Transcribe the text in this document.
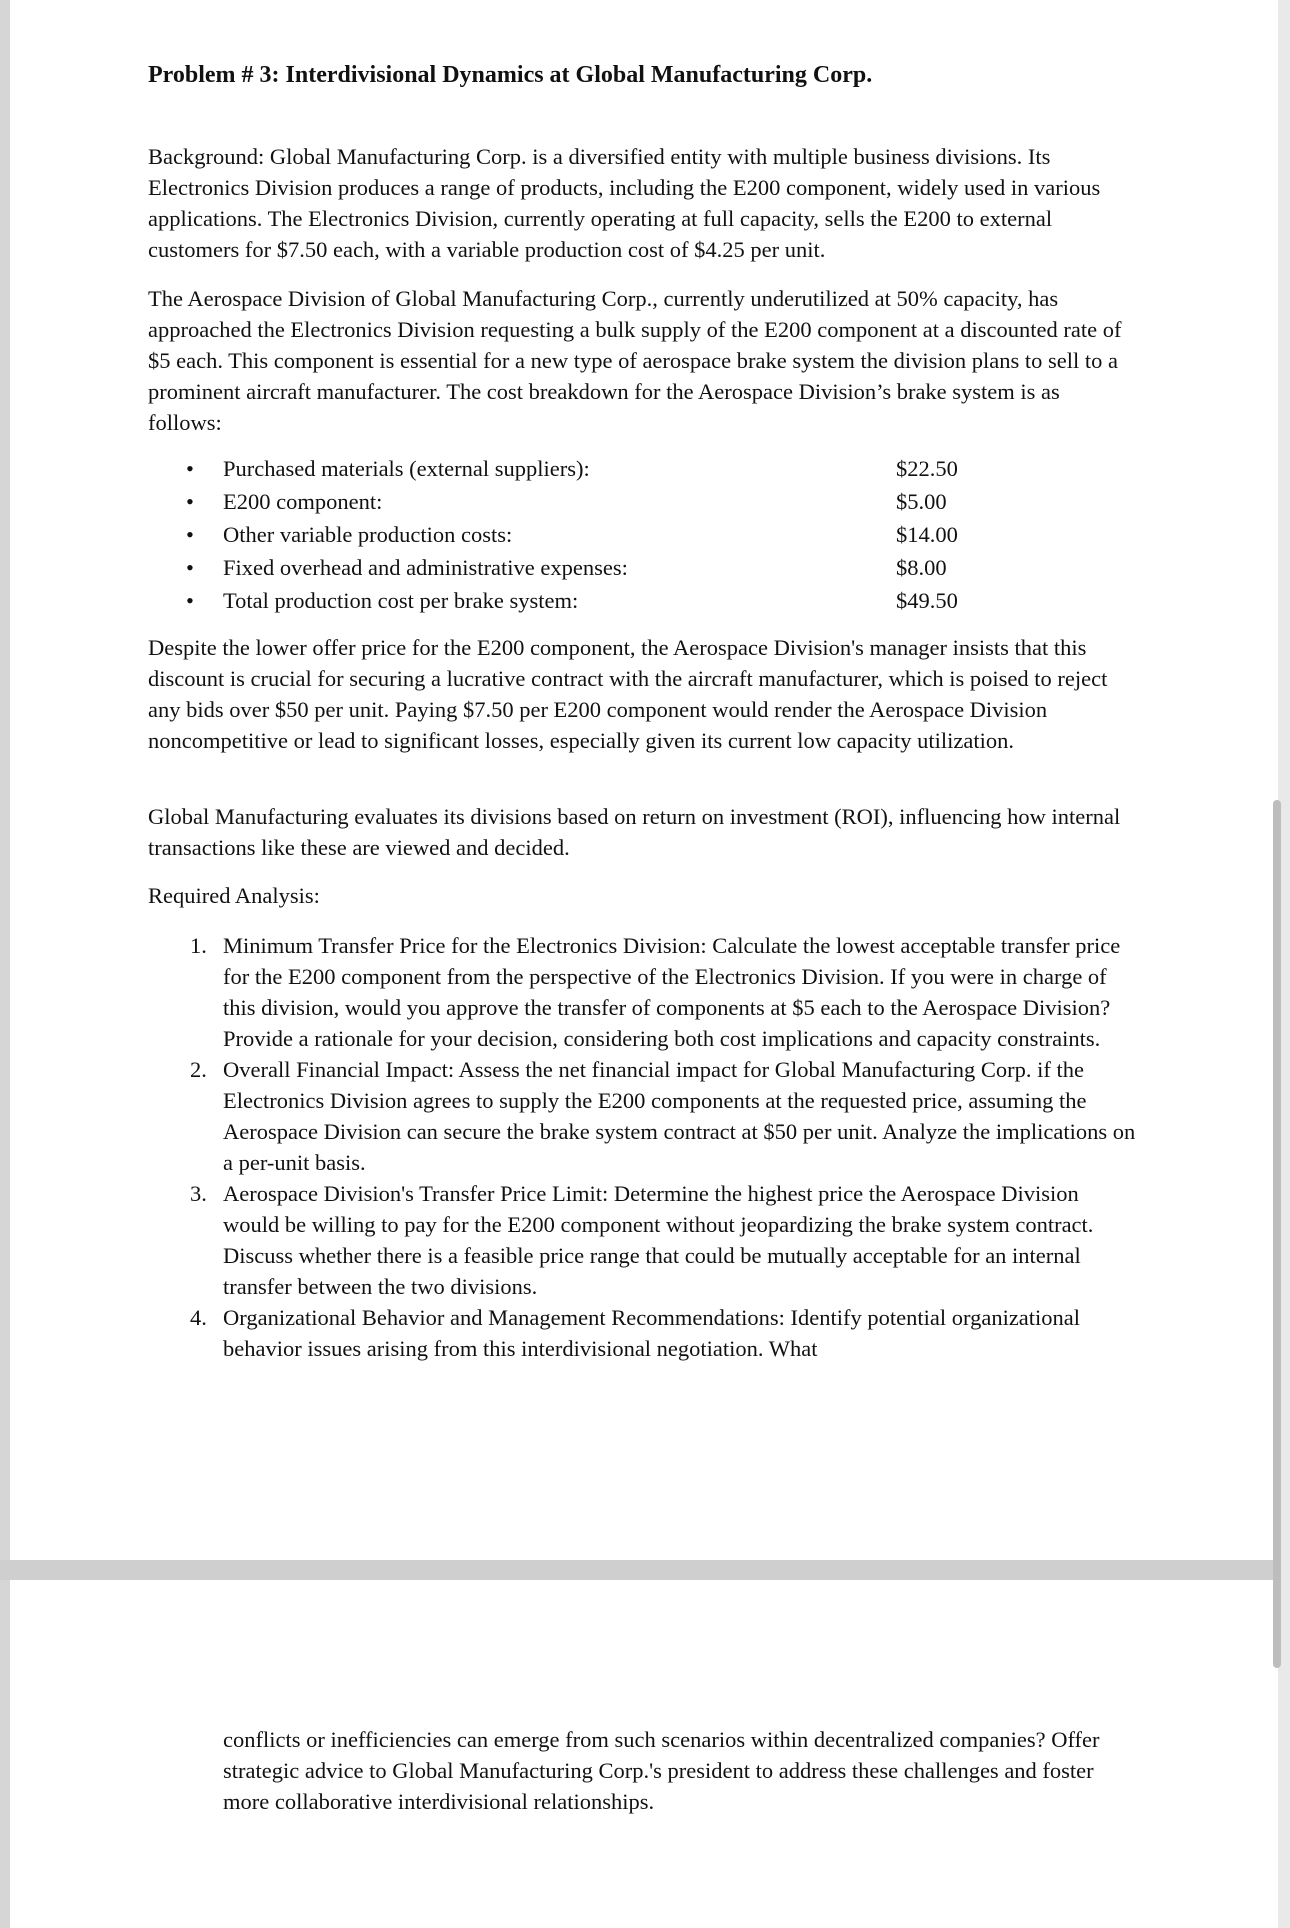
Problem # 3: Interdivisional Dynamics at Global Manufacturing Corp.

Background: Global Manufacturing Corp. is a diversified entity with multiple business divisions. Its Electronics Division produces a range of products, including the E200 component, widely used in various applications. The Electronics Division, currently operating at full capacity, sells the E200 to external customers for $7.50 each, with a variable production cost of $4.25 per unit.

The Aerospace Division of Global Manufacturing Corp., currently underutilized at 50% capacity, has approached the Electronics Division requesting a bulk supply of the E200 component at a discounted rate of $5 each. This component is essential for a new type of aerospace brake system the division plans to sell to a prominent aircraft manufacturer. The cost breakdown for the Aerospace Division’s brake system is as follows:

• Purchased materials (external suppliers):	$22.50
• E200 component:	$5.00
• Other variable production costs:	$14.00
• Fixed overhead and administrative expenses:	$8.00
• Total production cost per brake system:	$49.50

Despite the lower offer price for the E200 component, the Aerospace Division's manager insists that this discount is crucial for securing a lucrative contract with the aircraft manufacturer, which is poised to reject any bids over $50 per unit. Paying $7.50 per E200 component would render the Aerospace Division noncompetitive or lead to significant losses, especially given its current low capacity utilization.

Global Manufacturing evaluates its divisions based on return on investment (ROI), influencing how internal transactions like these are viewed and decided.

Required Analysis:

1. Minimum Transfer Price for the Electronics Division: Calculate the lowest acceptable transfer price for the E200 component from the perspective of the Electronics Division. If you were in charge of this division, would you approve the transfer of components at $5 each to the Aerospace Division? Provide a rationale for your decision, considering both cost implications and capacity constraints.
2. Overall Financial Impact: Assess the net financial impact for Global Manufacturing Corp. if the Electronics Division agrees to supply the E200 components at the requested price, assuming the Aerospace Division can secure the brake system contract at $50 per unit. Analyze the implications on a per-unit basis.
3. Aerospace Division's Transfer Price Limit: Determine the highest price the Aerospace Division would be willing to pay for the E200 component without jeopardizing the brake system contract. Discuss whether there is a feasible price range that could be mutually acceptable for an internal transfer between the two divisions.
4. Organizational Behavior and Management Recommendations: Identify potential organizational behavior issues arising from this interdivisional negotiation. What

conflicts or inefficiencies can emerge from such scenarios within decentralized companies? Offer strategic advice to Global Manufacturing Corp.'s president to address these challenges and foster more collaborative interdivisional relationships.
